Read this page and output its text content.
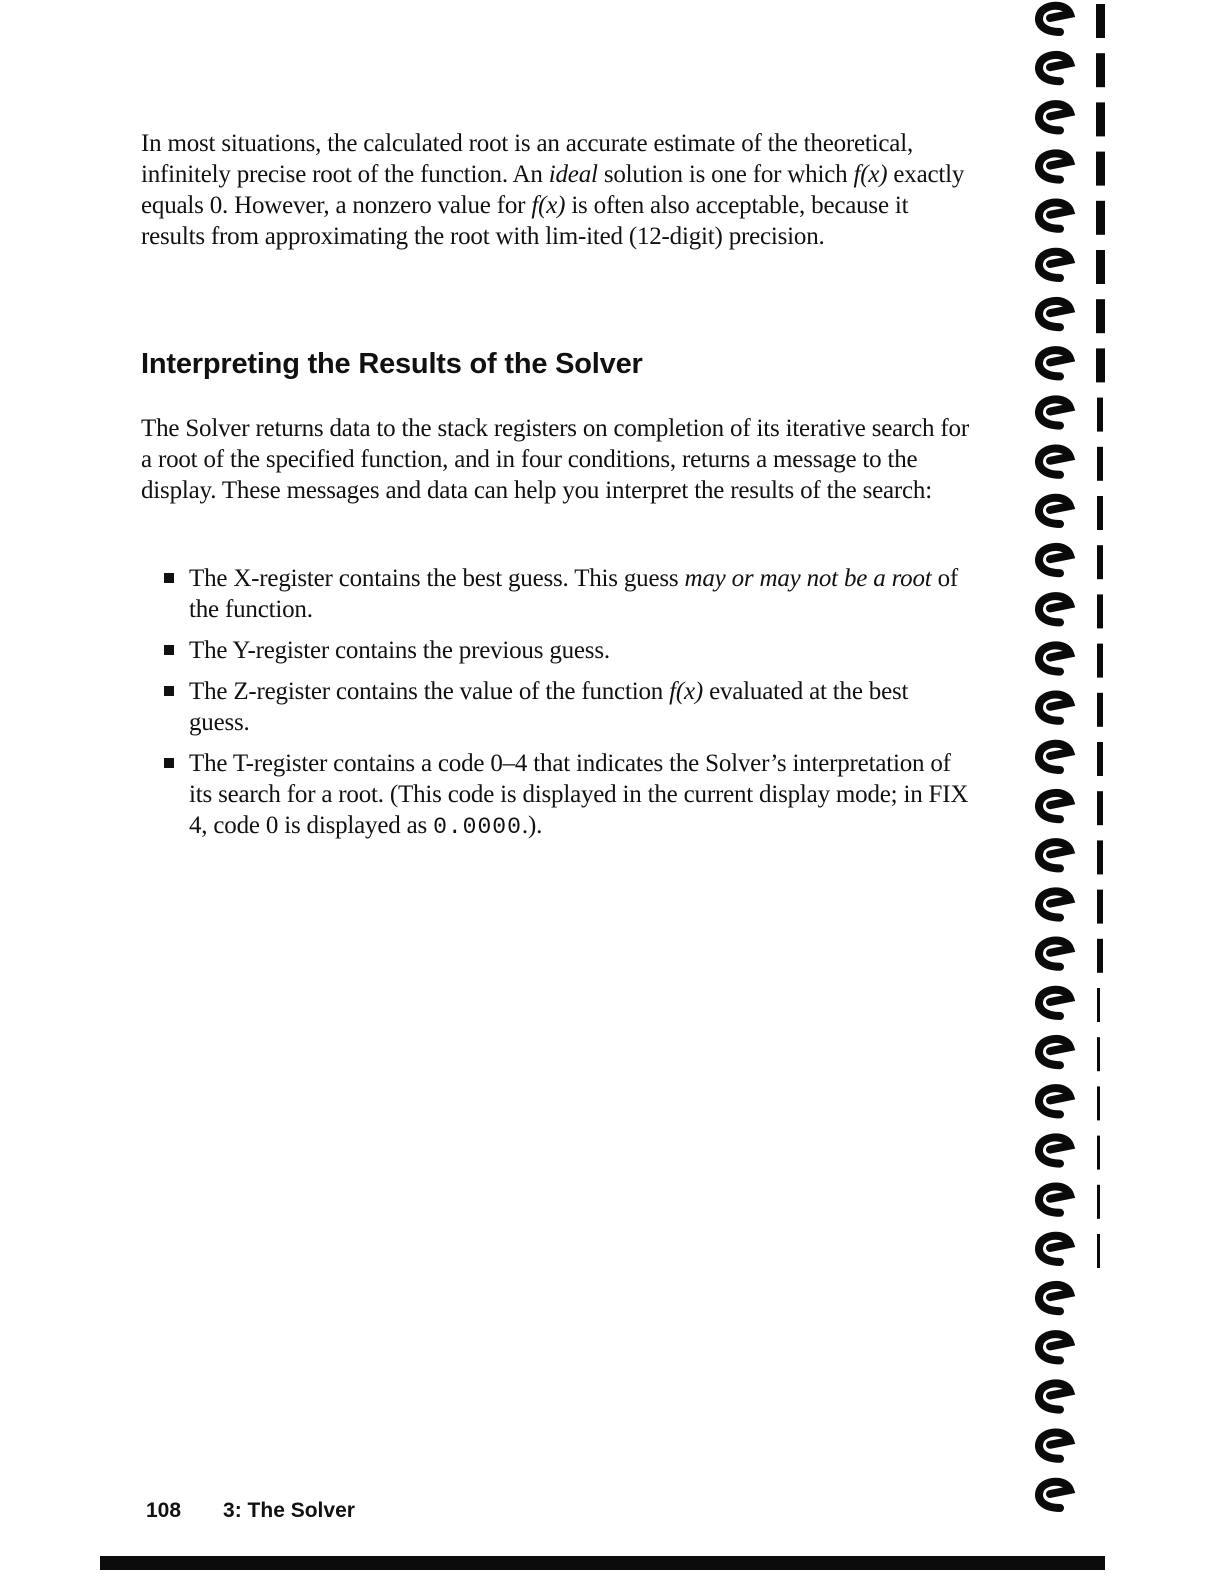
In most situations, the calculated root is an accurate estimate of the theoretical, infinitely precise root of the function. An ideal solution is one for which f(x) exactly equals 0. However, a nonzero value for f(x) is often also acceptable, because it results from approximating the root with lim-ited (12-digit) precision.

Interpreting the Results of the Solver

The Solver returns data to the stack registers on completion of its iterative search for a root of the specified function, and in four conditions, returns a message to the display. These messages and data can help you interpret the results of the search:

The X-register contains the best guess. This guess may or may not be a root of the function.
The Y-register contains the previous guess.
The Z-register contains the value of the function f(x) evaluated at the best guess.
The T-register contains a code 0–4 that indicates the Solver’s interpretation of its search for a root. (This code is displayed in the current display mode; in FIX 4, code 0 is displayed as 0.0000.).
108 3: The Solver
